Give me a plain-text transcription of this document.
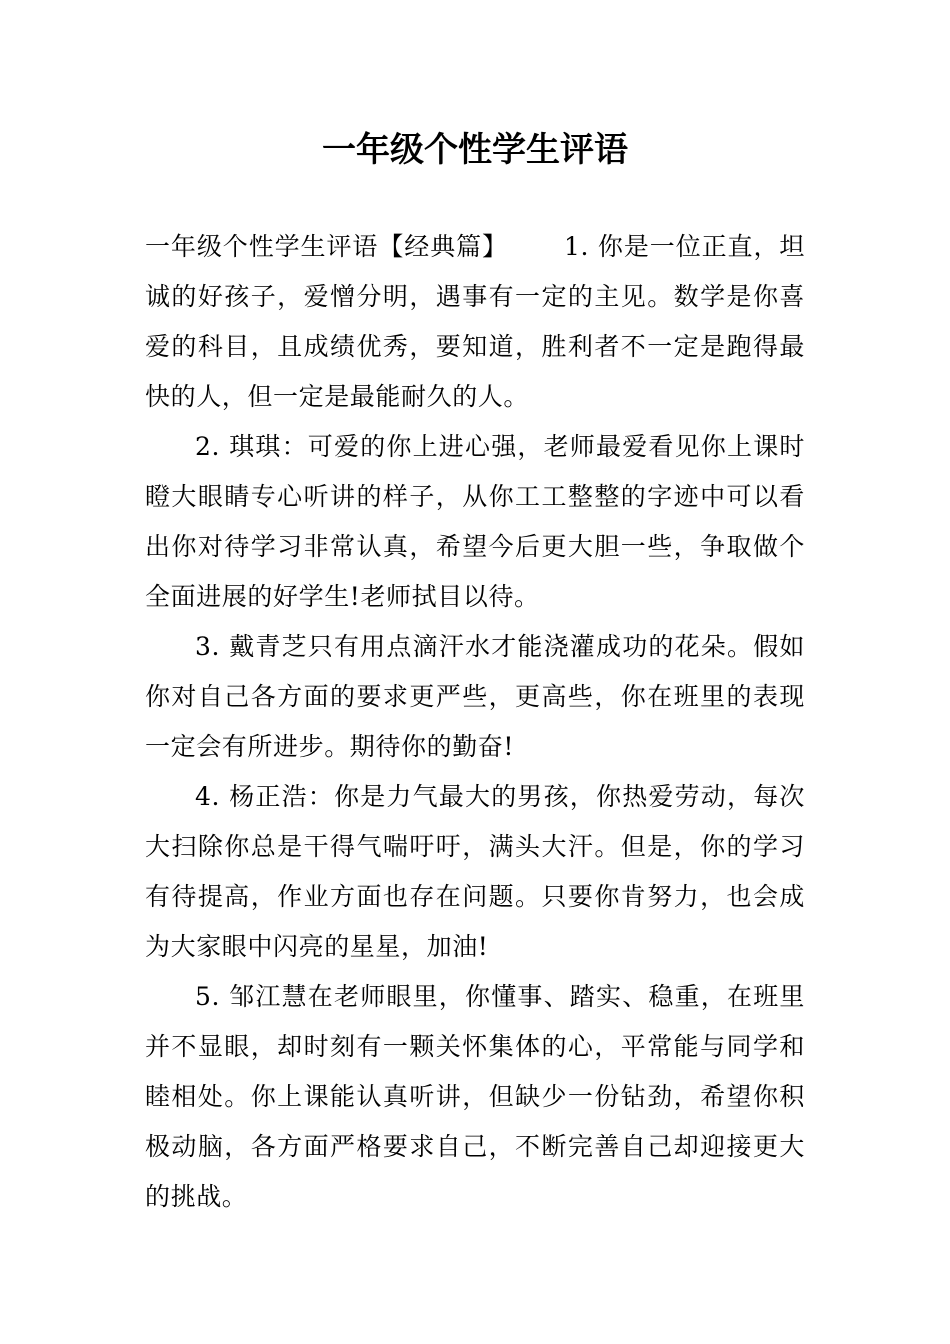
一年级个性学生评语

一年级个性学生评语【经典篇】 1. 你是一位正直，坦诚的好孩子，爱憎分明，遇事有一定的主见。数学是你喜爱的科目，且成绩优秀，要知道，胜利者不一定是跑得最快的人，但一定是最能耐久的人。

2. 琪琪：可爱的你上进心强，老师最爱看见你上课时瞪大眼睛专心听讲的样子，从你工工整整的字迹中可以看出你对待学习非常认真，希望今后更大胆一些，争取做个全面进展的好学生!老师拭目以待。

3. 戴青芝只有用点滴汗水才能浇灌成功的花朵。假如你对自己各方面的要求更严些，更高些，你在班里的表现一定会有所进步。期待你的勤奋!

4. 杨正浩：你是力气最大的男孩，你热爱劳动，每次大扫除你总是干得气喘吁吁，满头大汗。但是，你的学习有待提高，作业方面也存在问题。只要你肯努力，也会成为大家眼中闪亮的星星，加油!

5. 邹江慧在老师眼里，你懂事、踏实、稳重，在班里并不显眼，却时刻有一颗关怀集体的心，平常能与同学和睦相处。你上课能认真听讲，但缺少一份钻劲，希望你积极动脑，各方面严格要求自己，不断完善自己却迎接更大的挑战。
